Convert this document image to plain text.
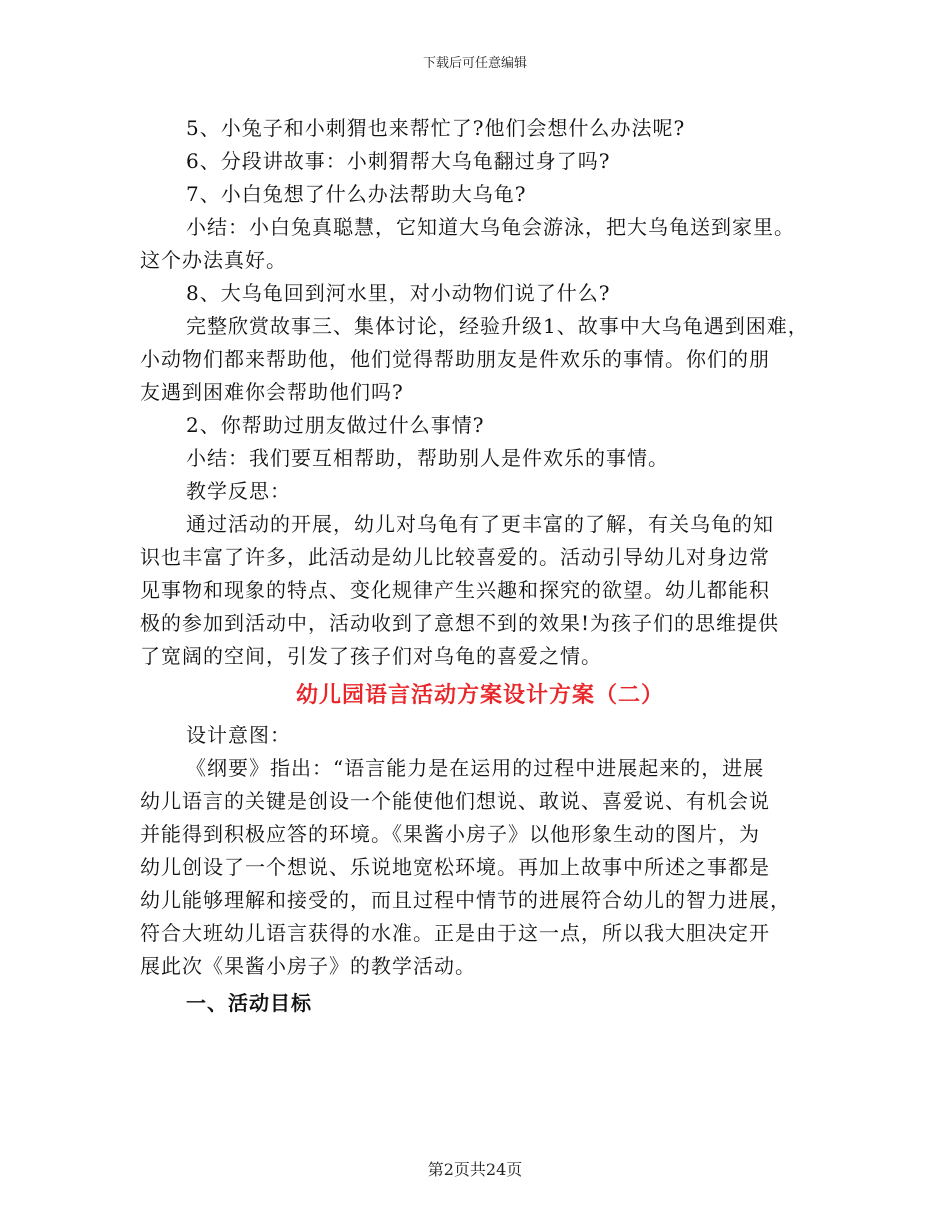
下载后可任意编辑
5、小兔子和小刺猬也来帮忙了?他们会想什么办法呢?
6、分段讲故事：小刺猬帮大乌龟翻过身了吗?
7、小白兔想了什么办法帮助大乌龟?
小结：小白兔真聪慧，它知道大乌龟会游泳，把大乌龟送到家里。
这个办法真好。
8、大乌龟回到河水里，对小动物们说了什么?
完整欣赏故事三、集体讨论，经验升级1、故事中大乌龟遇到困难，
小动物们都来帮助他，他们觉得帮助朋友是件欢乐的事情。你们的朋
友遇到困难你会帮助他们吗?
2、你帮助过朋友做过什么事情?
小结：我们要互相帮助，帮助别人是件欢乐的事情。
教学反思：
通过活动的开展，幼儿对乌龟有了更丰富的了解，有关乌龟的知
识也丰富了许多，此活动是幼儿比较喜爱的。活动引导幼儿对身边常
见事物和现象的特点、变化规律产生兴趣和探究的欲望。幼儿都能积
极的参加到活动中，活动收到了意想不到的效果!为孩子们的思维提供
了宽阔的空间，引发了孩子们对乌龟的喜爱之情。
幼儿园语言活动方案设计方案（二）
设计意图：
《纲要》指出：“语言能力是在运用的过程中进展起来的，进展
幼儿语言的关键是创设一个能使他们想说、敢说、喜爱说、有机会说
并能得到积极应答的环境。《果酱小房子》以他形象生动的图片，为
幼儿创设了一个想说、乐说地宽松环境。再加上故事中所述之事都是
幼儿能够理解和接受的，而且过程中情节的进展符合幼儿的智力进展，
符合大班幼儿语言获得的水准。正是由于这一点，所以我大胆决定开
展此次《果酱小房子》的教学活动。
一、活动目标
第2页共24页
